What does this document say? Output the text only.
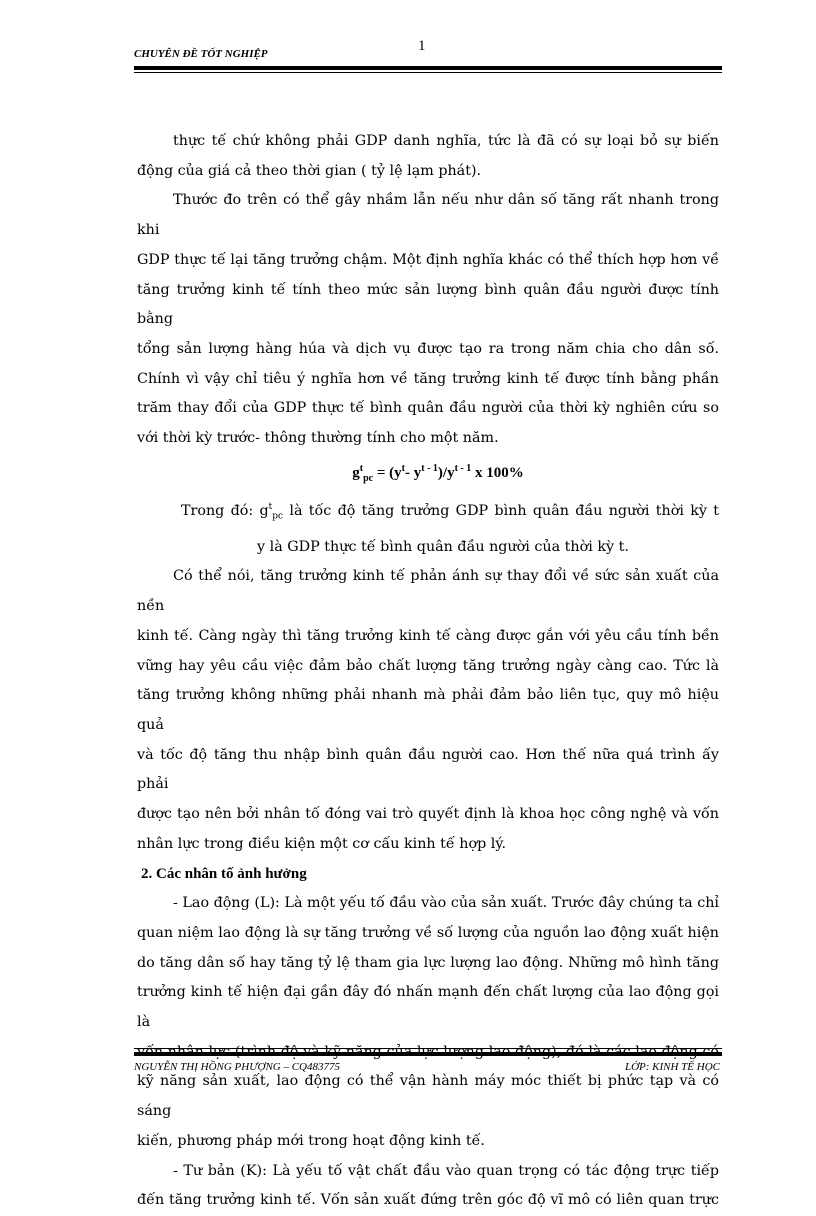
CHUYÊN ĐỀ TỐT NGHIỆP	1

thực tế chứ không phải GDP danh nghĩa, tức là đã có sự loại bỏ sự biến

động của giá cả theo thời gian ( tỷ lệ lạm phát).

Thước đo trên có thể gây nhầm lẫn nếu như dân số tăng rất nhanh trong khi

GDP thực tế lại tăng trưởng chậm. Một định nghĩa khác có thể thích hợp hơn về

tăng trưởng kinh tế tính theo mức sản lượng bình quân đầu người được tính bằng

tổng sản lượng hàng húa và dịch vụ được tạo ra trong năm chia cho dân số.

Chính vì vậy chỉ tiêu ý nghĩa hơn về tăng trưởng kinh tế được tính bằng phần

trăm thay đổi của GDP thực tế bình quân đầu người của thời kỳ nghiên cứu so

với thời kỳ trước- thông thường tính cho một năm.

$g^t_{pc} = (y^t-$ $y^{t - 1})/y^{t - 1}$ x 100%

Trong đó: $g^t_{pc}$ là tốc độ tăng trưởng GDP bình quân đầu người thời kỳ t

y là GDP thực tế bình quân đầu người của thời kỳ t.

Có thể nói, tăng trưởng kinh tế phản ánh sự thay đổi về sức sản xuất của nền

kinh tế. Càng ngày thì tăng trưởng kinh tế càng được gắn với yêu cầu tính bền

vững hay yêu cầu việc đảm bảo chất lượng tăng trưởng ngày càng cao. Tức là

tăng trưởng không những phải nhanh mà phải đảm bảo liên tục, quy mô hiệu quả

và tốc độ tăng thu nhập bình quân đầu người cao. Hơn thế nữa quá trình ấy phải

được tạo nên bởi nhân tố đóng vai trò quyết định là khoa học công nghệ và vốn

nhân lực trong điều kiện một cơ cấu kinh tế hợp lý.

2. Các nhân tố ảnh hưởng

- Lao động (L): Là một yếu tố đầu vào của sản xuất. Trước đây chúng ta chỉ

quan niệm lao động là sự tăng trưởng về số lượng của nguồn lao động xuất hiện

do tăng dân số hay tăng tỷ lệ tham gia lực lượng lao động. Những mô hình tăng

trưởng kinh tế hiện đại gần đây đó nhấn mạnh đến chất lượng của lao động gọi là

kỹ năng sản xuất, lao động có thể vận hành máy móc thiết bị phức tạp và có sáng

kiến, phương pháp mới trong hoạt động kinh tế.

- Tư bản (K): Là yếu tố vật chất đầu vào quan trọng có tác động trực tiếp

đến tăng trưởng kinh tế. Vốn sản xuất đứng trên góc độ vĩ mô có liên quan trực

NGUYỄN THỊ HỒNG PHƯỢNG – CQ483775	LỚP: KINH TẾ HỌC
